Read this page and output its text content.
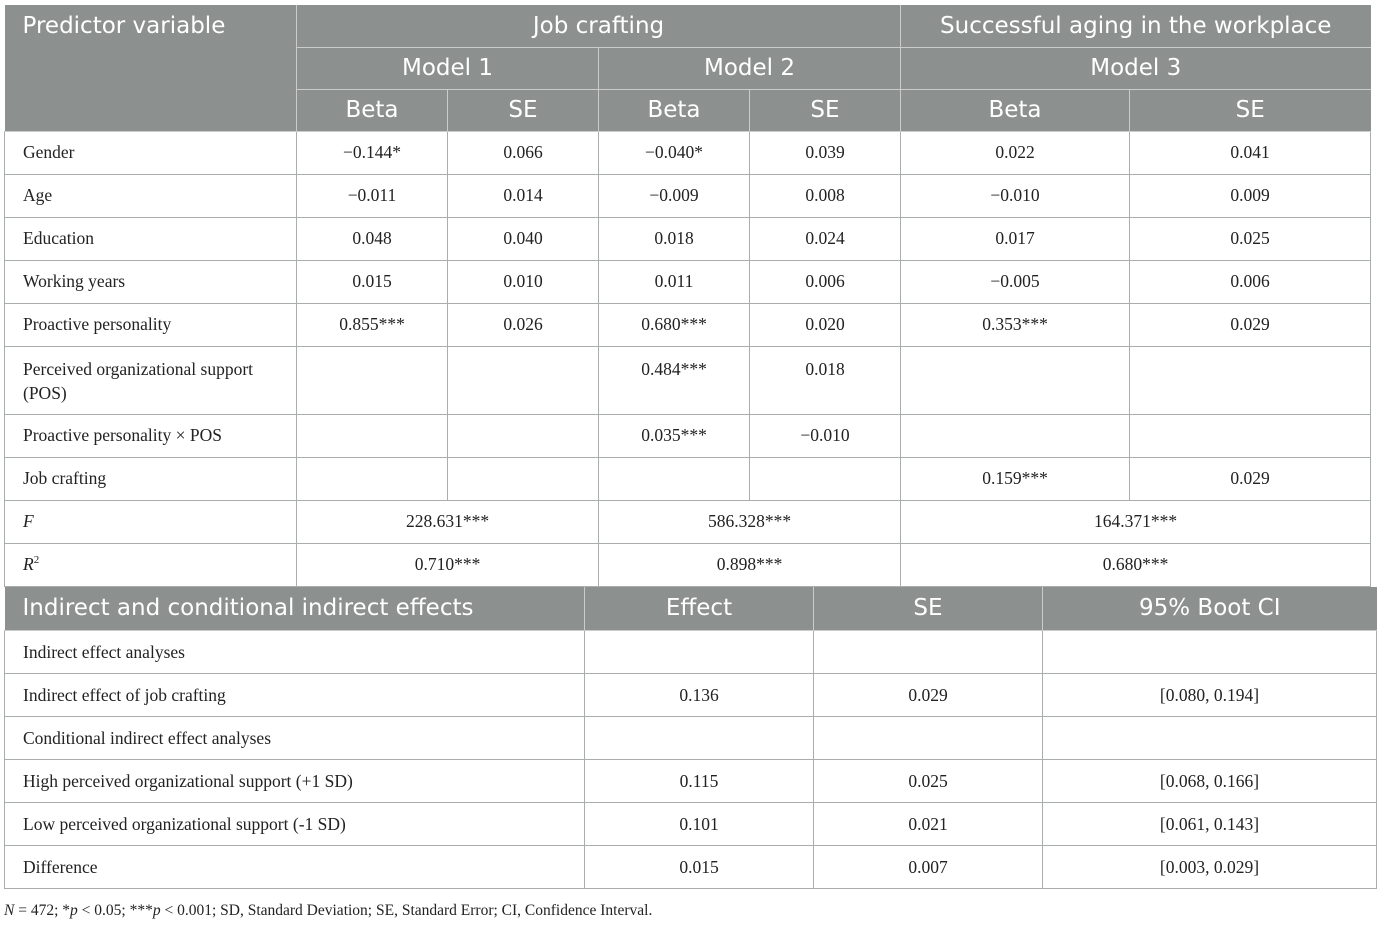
Predictor variable	Job crafting				Successful aging in the workplace	
	Model 1		Model 2		Model 3	
	Beta	SE	Beta	SE	Beta	SE
Gender	−0.144*	0.066	−0.040*	0.039	0.022	0.041
Age	−0.011	0.014	−0.009	0.008	−0.010	0.009
Education	0.048	0.040	0.018	0.024	0.017	0.025
Working years	0.015	0.010	0.011	0.006	−0.005	0.006
Proactive personality	0.855***	0.026	0.680***	0.020	0.353***	0.029
Perceived organizational support
(POS)			0.484***	0.018		
Proactive personality × POS			0.035***	−0.010		
Job crafting					0.159***	0.029
F	228.631***		586.328***		164.371***	
$R^2$	0.710***		0.898***		0.680***	
Indirect and conditional indirect effects	Effect	SE	95% Boot CI
Indirect effect analyses			
Indirect effect of job crafting	0.136	0.029	[0.080, 0.194]
Conditional indirect effect analyses			
High perceived organizational support (+1 SD)	0.115	0.025	[0.068, 0.166]
Low perceived organizational support (-1 SD)	0.101	0.021	[0.061, 0.143]
Difference	0.015	0.007	[0.003, 0.029]
N = 472; *p < 0.05; ***p < 0.001; SD, Standard Deviation; SE, Standard Error; CI, Confidence Interval.
